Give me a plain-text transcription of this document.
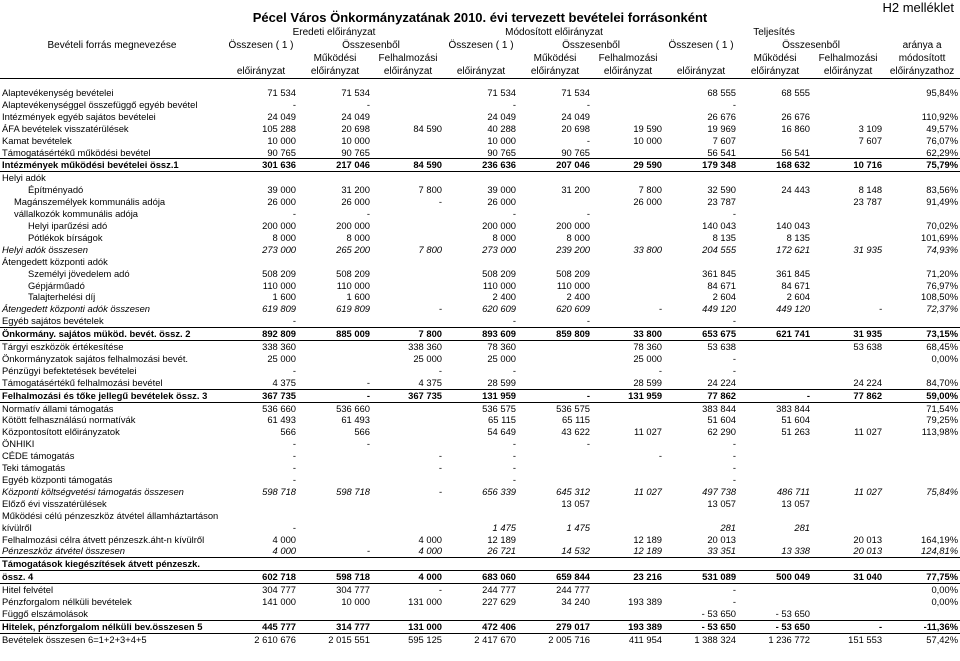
Pécel Város Önkormányzatának 2010. évi tervezett bevételei forrásonként
H2 melléklet
	Eredeti előirányzat			Módosított előirányzat			Teljesítés			
Bevételi forrás megnevezése	Összesen ( 1 )	Összesenből		Összesen ( 1 )	Összesenből		Összesen ( 1 )	Összesenből		aránya a
		Működési	Felhalmozási		Működési	Felhalmozási		Működési	Felhalmozási	módosított
	előirányzat	előirányzat	előirányzat	előirányzat	előirányzat	előirányzat	előirányzat	előirányzat	előirányzat	előirányzathoz

Alaptevékenység bevételei	71 534	71 534		71 534	71 534		68 555	68 555		95,84%
Alaptevékenységgel összefüggő egyéb bevétel	-	-		-	-		-			
Intézmények egyéb sajátos bevételei	24 049	24 049		24 049	24 049		26 676	26 676		110,92%
ÁFA bevételek visszatérülések	105 288	20 698	84 590	40 288	20 698	19 590	19 969	16 860	3 109	49,57%
Kamat bevételek	10 000	10 000		10 000	-	10 000	7 607		7 607	76,07%
Támogatásértékű működési bevétel	90 765	90 765		90 765	90 765		56 541	56 541		62,29%
Intézmények működési bevételei össz.1	301 636	217 046	84 590	236 636	207 046	29 590	179 348	168 632	10 716	75,79%
Helyi adók										
Építményadó	39 000	31 200	7 800	39 000	31 200	7 800	32 590	24 443	8 148	83,56%
Magánszemélyek kommunális adója	26 000	26 000	-	26 000		26 000	23 787		23 787	91,49%
vállalkozók kommunális adója	-	-		-	-		-			
Helyi iparűzési adó	200 000	200 000		200 000	200 000		140 043	140 043		70,02%
Pótlékok bírságok	8 000	8 000		8 000	8 000		8 135	8 135		101,69%
Helyi adók összesen	273 000	265 200	7 800	273 000	239 200	33 800	204 555	172 621	31 935	74,93%
Átengedett központi adók										
Személyi jövedelem adó	508 209	508 209		508 209	508 209		361 845	361 845		71,20%
Gépjárműadó	110 000	110 000		110 000	110 000		84 671	84 671		76,97%
Talajterhelési díj	1 600	1 600		2 400	2 400		2 604	2 604		108,50%
Átengedett központi adók összesen	619 809	619 809	-	620 609	620 609	-	449 120	449 120	-	72,37%
Egyéb sajátos bevételek	-			-	-		-			
Önkormány. sajátos müköd. bevét. össz. 2	892 809	885 009	7 800	893 609	859 809	33 800	653 675	621 741	31 935	73,15%
Tárgyi eszközök értékesítése	338 360		338 360	78 360		78 360	53 638		53 638	68,45%
Önkormányzatok sajátos felhalmozási bevét.	25 000		25 000	25 000		25 000	-			0,00%
Pénzügyi befektetések bevételei	-		-	-		-	-			
Támogatásértékű felhalmozási bevétel	4 375	-	4 375	28 599		28 599	24 224		24 224	84,70%
Felhalmozási és tőke jellegű bevételek össz. 3	367 735	-	367 735	131 959	-	131 959	77 862	-	77 862	59,00%
Normatív állami támogatás	536 660	536 660		536 575	536 575		383 844	383 844		71,54%
Kötött felhasználású normatívák	61 493	61 493		65 115	65 115		51 604	51 604		79,25%
Központosított előirányzatok	566	566		54 649	43 622	11 027	62 290	51 263	11 027	113,98%
ÖNHIKI	-	-		-	-		-			
CÉDE támogatás	-		-	-		-	-			
Teki támogatás	-		-	-			-			
Egyéb központi támogatás	-			-			-			
Központi költségvetési támogatás összesen	598 718	598 718	-	656 339	645 312	11 027	497 738	486 711	11 027	75,84%
Előző évi visszatérülések					13 057		13 057	13 057		
Működési célú pénzeszköz átvétel államháztartáson										
kívülről	-			1 475	1 475		281	281		
Felhalmozási célra átvett pénzeszk.áht-n kívülről	4 000		4 000	12 189		12 189	20 013		20 013	164,19%
Pénzeszköz átvétel összesen	4 000	-	4 000	26 721	14 532	12 189	33 351	13 338	20 013	124,81%
Támogatások kiegészítések átvett pénzeszk.										
össz. 4	602 718	598 718	4 000	683 060	659 844	23 216	531 089	500 049	31 040	77,75%
Hitel felvétel	304 777	304 777	-	244 777	244 777		-			0,00%
Pénzforgalom nélküli bevételek	141 000	10 000	131 000	227 629	34 240	193 389	-			0,00%
Függő elszámolások							- 53 650	- 53 650		
Hitelek, pénzforgalom nélküli bev.összesen 5	445 777	314 777	131 000	472 406	279 017	193 389	- 53 650	- 53 650	-	-11,36%
Bevételek összesen 6=1+2+3+4+5	2 610 676	2 015 551	595 125	2 417 670	2 005 716	411 954	1 388 324	1 236 772	151 553	57,42%
